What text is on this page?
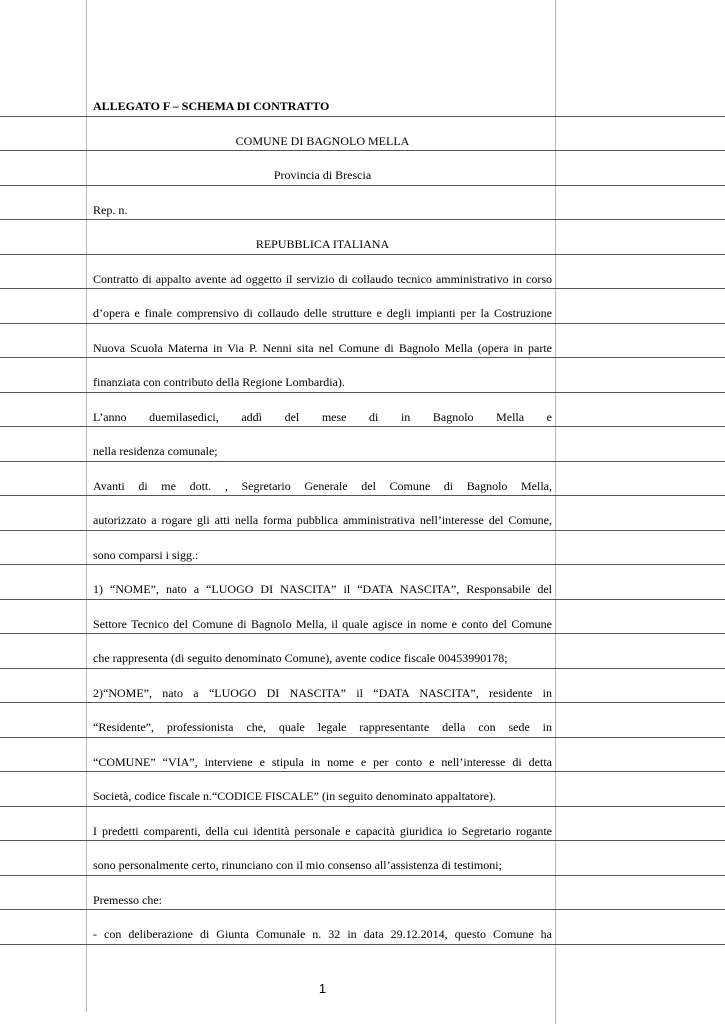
ALLEGATO F – SCHEMA DI CONTRATTO
COMUNE DI BAGNOLO MELLA
Provincia di Brescia
Rep. n.
REPUBBLICA ITALIANA
Contratto di appalto avente ad oggetto il servizio di collaudo tecnico amministrativo in corso
d’opera e finale comprensivo di collaudo delle strutture e degli impianti per la Costruzione
Nuova Scuola Materna in Via P. Nenni sita nel Comune di Bagnolo Mella (opera in parte
finanziata con contributo della Regione Lombardia).
L’anno duemilasedici, addì del mese di in Bagnolo Mella e
nella residenza comunale;
Avanti di me dott. , Segretario Generale del Comune di Bagnolo Mella,
autorizzato a rogare gli atti nella forma pubblica amministrativa nell’interesse del Comune,
sono comparsi i sigg.:
1) “NOME”, nato a “LUOGO DI NASCITA” il “DATA NASCITA”, Responsabile del
Settore Tecnico del Comune di Bagnolo Mella, il quale agisce in nome e conto del Comune
che rappresenta (di seguito denominato Comune), avente codice fiscale 00453990178;
2)“NOME”, nato a “LUOGO DI NASCITA” il “DATA NASCITA”, residente in
“Residente”, professionista che, quale legale rappresentante della con sede in
“COMUNE” “VIA”, interviene e stipula in nome e per conto e nell’interesse di detta
Società, codice fiscale n.“CODICE FISCALE” (in seguito denominato appaltatore).
I predetti comparenti, della cui identità personale e capacità giuridica io Segretario rogante
sono personalmente certo, rinunciano con il mio consenso all’assistenza di testimoni;
Premesso che:
- con deliberazione di Giunta Comunale n. 32 in data 29.12.2014, questo Comune ha
1
